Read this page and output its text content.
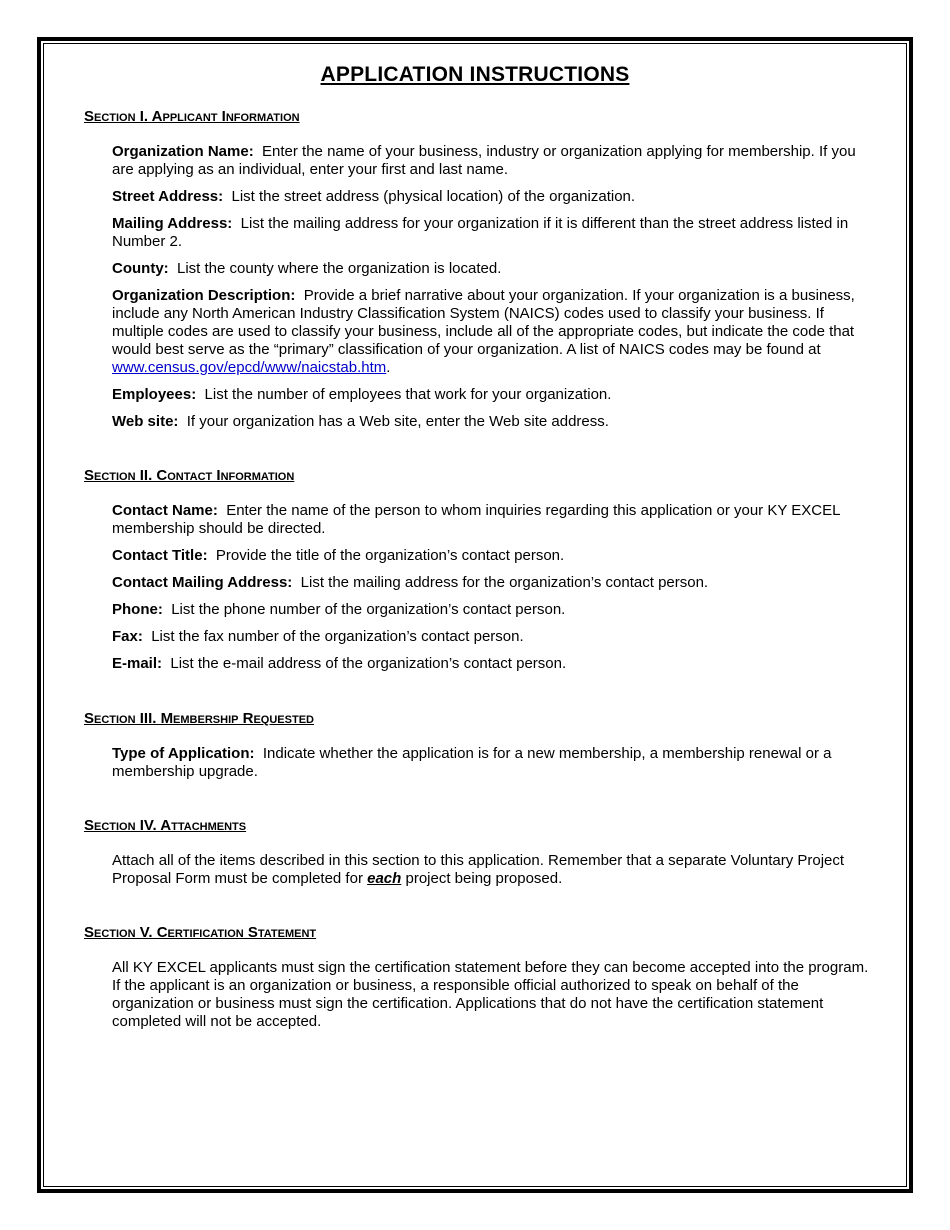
APPLICATION INSTRUCTIONS

Section I. Applicant Information

Organization Name: Enter the name of your business, industry or organization applying for membership. If you are applying as an individual, enter your first and last name.

Street Address: List the street address (physical location) of the organization.

Mailing Address: List the mailing address for your organization if it is different than the street address listed in Number 2.

County: List the county where the organization is located.

Organization Description: Provide a brief narrative about your organization. If your organization is a business, include any North American Industry Classification System (NAICS) codes used to classify your business. If multiple codes are used to classify your business, include all of the appropriate codes, but indicate the code that would best serve as the “primary” classification of your organization. A list of NAICS codes may be found at www.census.gov/epcd/www/naicstab.htm.

Employees: List the number of employees that work for your organization.

Web site: If your organization has a Web site, enter the Web site address.

Section II. Contact Information

Contact Name: Enter the name of the person to whom inquiries regarding this application or your KY EXCEL membership should be directed.

Contact Title: Provide the title of the organization’s contact person.

Contact Mailing Address: List the mailing address for the organization’s contact person.

Phone: List the phone number of the organization’s contact person.

Fax: List the fax number of the organization’s contact person.

E-mail: List the e-mail address of the organization’s contact person.

Section III. Membership Requested

Type of Application: Indicate whether the application is for a new membership, a membership renewal or a membership upgrade.

Section IV. Attachments

Attach all of the items described in this section to this application. Remember that a separate Voluntary Project Proposal Form must be completed for each project being proposed.

Section V. Certification Statement

All KY EXCEL applicants must sign the certification statement before they can become accepted into the program. If the applicant is an organization or business, a responsible official authorized to speak on behalf of the organization or business must sign the certification. Applications that do not have the certification statement completed will not be accepted.
